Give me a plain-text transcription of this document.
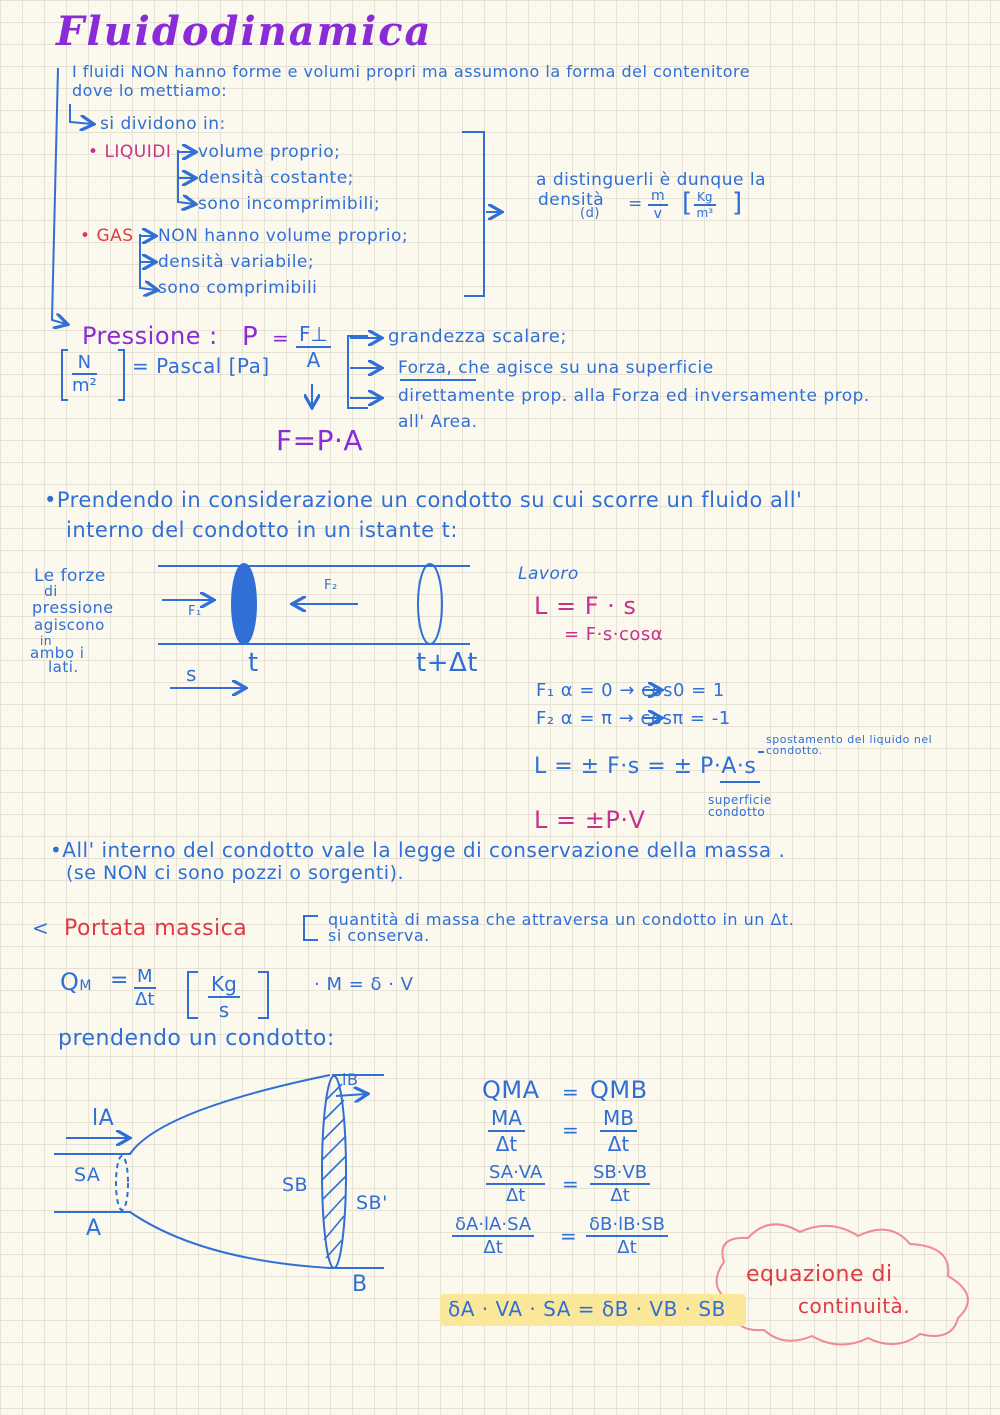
Fluidodinamica
I fluidi NON hanno forme e volumi propri ma assumono la forma del contenitore
dove lo mettiamo:
si dividono in:
• LIQUIDI volume proprio;
densità costante;
sono incomprimibili;
• GAS NON hanno volume proprio;
densità variabile;
sono comprimibili
a distinguerli è dunque la
densità
$(d) = \frac{m}{v}$ [ $\frac{Kg}{\text{m³}}$ ]
Pressione : $P = \frac{F\perp}{A}$
$\frac{N}{\text{m²}}$ = Pascal [Pa]
grandezza scalare;
Forza, che agisce su una superficie
direttamente prop. alla Forza ed inversamente prop.
all' Area.
F=P·A
•Prendendo in considerazione un condotto su cui scorre un fluido all'
interno del condotto in un istante t:
Le forze
di
pressione
agiscono
in
ambo i
lati.
F₁
F₂
s t	t+Δt
Lavoro
L = F · s
= F·s·cosα
F₁ α = 0 → cos0 = 1
F₂ α = π → cosπ = -1
L = ± F·s = ± P·A·s
spostamento del liquido nel condotto.
superficie condotto
L = ±P·V
•All' interno del condotto vale la legge di conservazione della massa .
(se NON ci sono pozzi o sorgenti).
< Portata massica	quantità di massa che attraversa un condotto in un Δt.
si conserva.
QM = $\frac{M}{\Delta t}$	$\frac{Kg}{s}$	· M = δ · V
prendendo un condotto:
lA
SA
A
SB
SB'
B
lB	QMA = QMB
$\frac{MA}{\Delta t} = \frac{MB}{\Delta t}$
$\frac{SA\cdot VA}{\Delta t} = \frac{SB\cdot VB}{\Delta t}$
$\frac{\delta A\cdot lA\cdot SA}{\Delta t} = \frac{\delta B\cdot lB\cdot SB}{\Delta t}$
δA · VA · SA = δB · VB · SB
equazione di
continuità.
